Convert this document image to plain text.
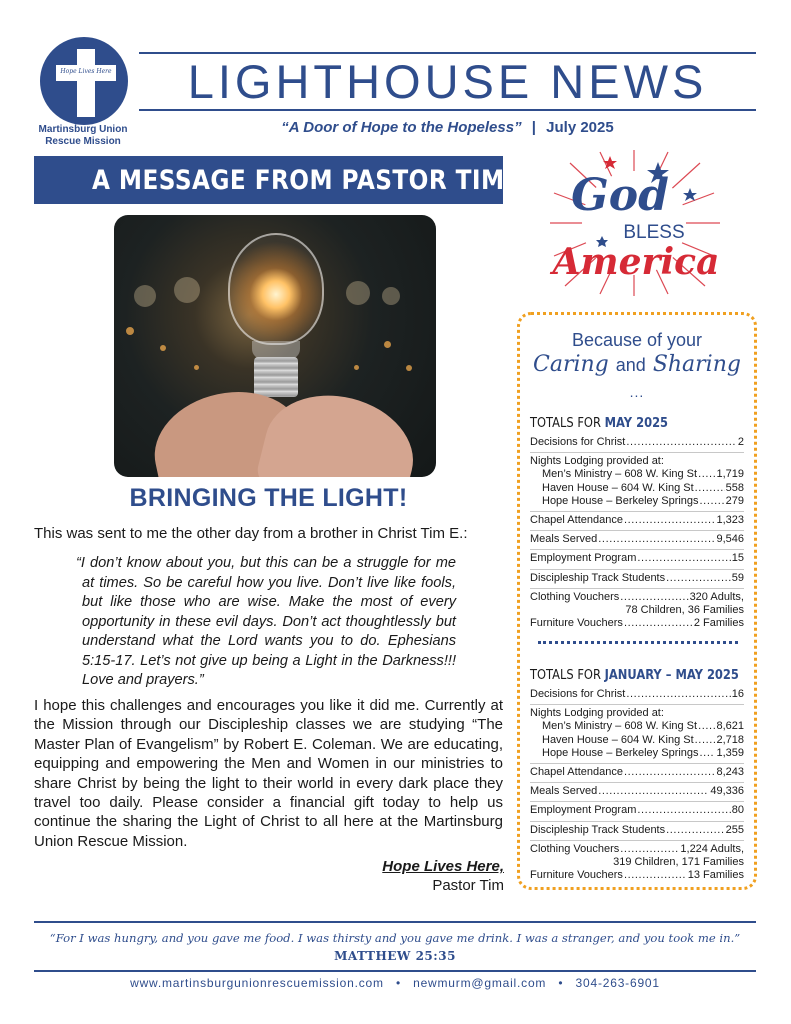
Hope Lives Here
Martinsburg Union
Rescue Mission
LIGHTHOUSE NEWS
“A Door of Hope to the Hopeless” | July 2025
A MESSAGE FROM PASTOR TIM
BRINGING THE LIGHT!
This was sent to me the other day from a brother in Christ Tim E.:
“I don’t know about you, but this can be a struggle for me at times. So be careful how you live. Don’t live like fools, but like those who are wise. Make the most of every opportunity in these evil days. Don’t act thoughtlessly but understand what the Lord wants you to do. Ephesians 5:15-17. Let’s not give up being a Light in the Darkness!!! Love and prayers.”
I hope this challenges and encourages you like it did me. Currently at the Mission through our Discipleship classes we are studying “The Master Plan of Evangelism” by Robert E. Coleman. We are educating, equipping and empowering the Men and Women in our ministries to share Christ by being the light to their world in every dark place they travel too daily. Please consider a financial gift today to help us continue the sharing the Light of Christ to all here at the Martinsburg Union Rescue Mission.
Hope Lives Here,
Pastor Tim
God
BLESS
America
Because of your
Caring and Sharing
...
TOTALS FOR MAY 2025
Decisions for Christ .....	2
Nights Lodging provided at:
Men’s Ministry – 608 W. King St ..... 1,719
Haven House – 604 W. King St .....	558
Hope House – Berkeley Springs ..... 279
Chapel Attendance .....	1,323
Meals Served .....	9,546
Employment Program .....	15
Discipleship Track Students .....	59
Clothing Vouchers .....	320 Adults,
78 Children, 36 Families
Furniture Vouchers .....	2 Families
TOTALS FOR JANUARY – MAY 2025
Decisions for Christ .....	16
Nights Lodging provided at:
Men’s Ministry – 608 W. King St ..... 8,621
Haven House – 604 W. King St ..... 2,718
Hope House – Berkeley Springs ..... 1,359
Chapel Attendance .....	8,243
Meals Served .....	49,336
Employment Program .....	80
Discipleship Track Students .....	255
Clothing Vouchers .....	1,224 Adults,
319 Children, 171 Families
Furniture Vouchers .....	13 Families
“For I was hungry, and you gave me food. I was thirsty and you gave me drink. I was a stranger, and you took me in.”
MATTHEW 25:35
www.martinsburgunionrescuemission.com • newmurm@gmail.com • 304-263-6901
